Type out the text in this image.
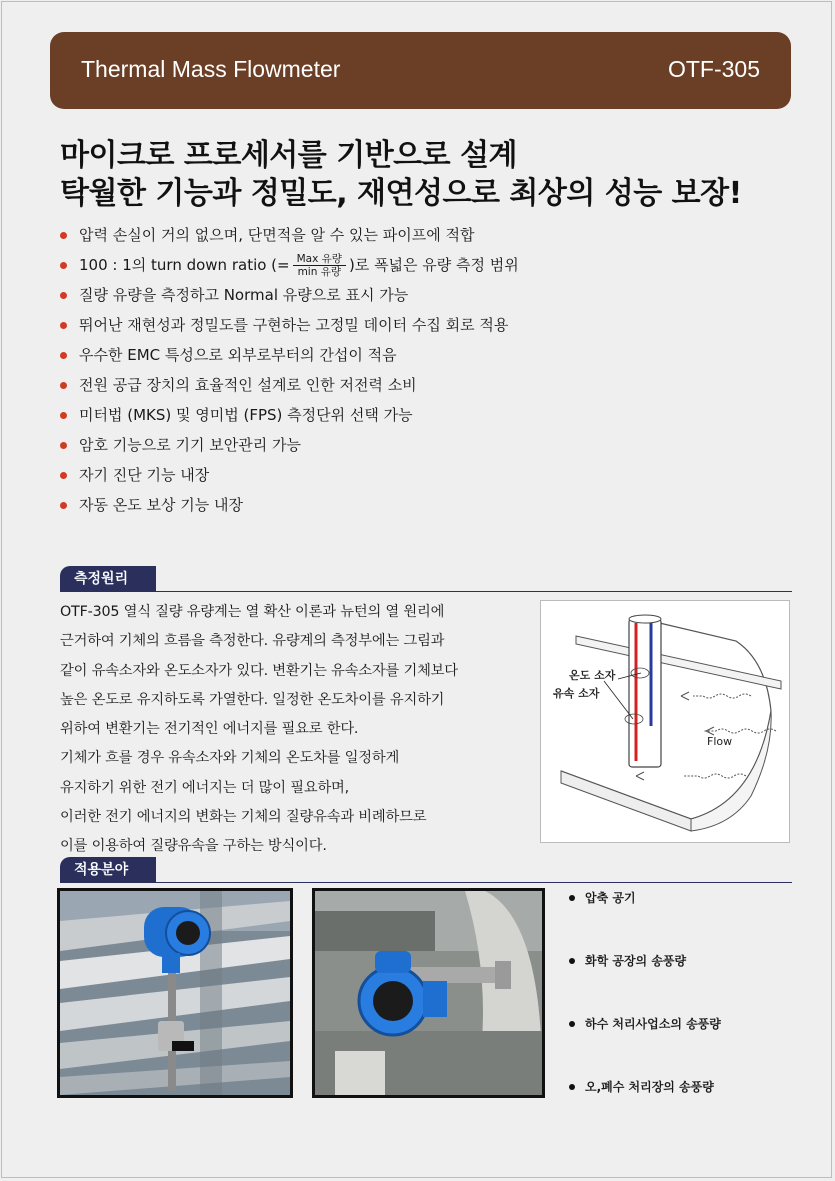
Thermal Mass Flowmeter	OTF-305
마이크로 프로세서를 기반으로 설계
탁월한 기능과 정밀도, 재연성으로 최상의 성능 보장!
압력 손실이 거의 없으며, 단면적을 알 수 있는 파이프에 적합
100 : 1의 turn down ratio (= $\frac{\text{Max 유량}}{\text{min 유량}}$ )로 폭넓은 유량 측정 범위
질량 유량을 측정하고 Normal 유량으로 표시 가능
뛰어난 재현성과 정밀도를 구현하는 고정밀 데이터 수집 회로 적용
우수한 EMC 특성으로 외부로부터의 간섭이 적음
전원 공급 장치의 효율적인 설계로 인한 저전력 소비
미터법 (MKS) 및 영미법 (FPS) 측정단위 선택 가능
암호 기능으로 기기 보안관리 가능
자기 진단 기능 내장
자동 온도 보상 기능 내장
측정원리
OTF-305 열식 질량 유량계는 열 확산 이론과 뉴턴의 열 원리에
근거하여 기체의 흐름을 측정한다. 유량계의 측정부에는 그림과
같이 유속소자와 온도소자가 있다. 변환기는 유속소자를 기체보다
높은 온도로 유지하도록 가열한다. 일정한 온도차이를 유지하기
위하여 변환기는 전기적인 에너지를 필요로 한다.
기체가 흐를 경우 유속소자와 기체의 온도차를 일정하게
유지하기 위한 전기 에너지는 더 많이 필요하며,
이러한 전기 에너지의 변화는 기체의 질량유속과 비례하므로
이를 이용하여 질량유속을 구하는 방식이다.
온도 소자
유속 소자
Flow
적용분야
압축 공기
화학 공장의 송풍량
하수 처리사업소의 송풍량
오,폐수 처리장의 송풍량
